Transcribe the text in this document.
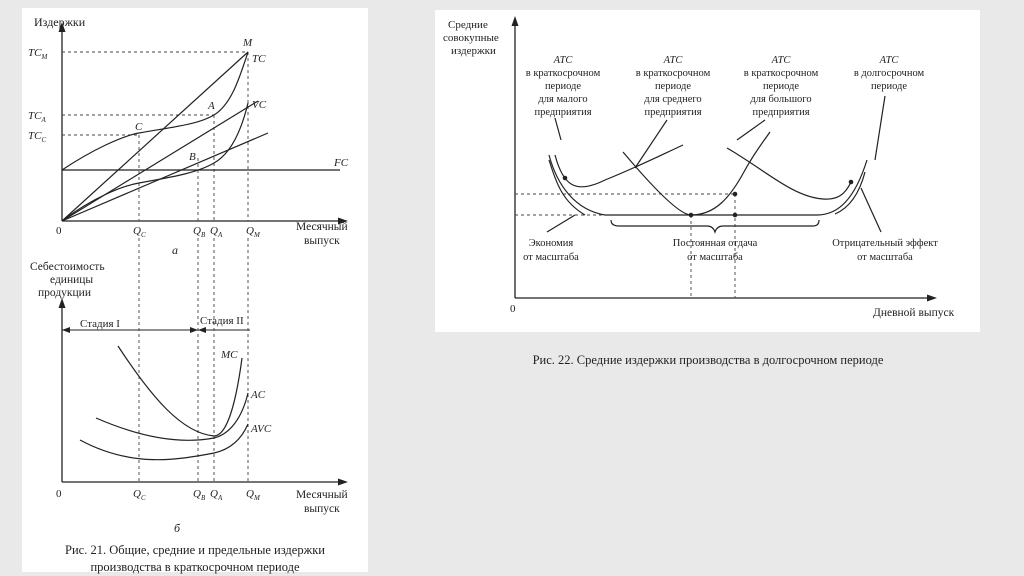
Издержки
Месячный
выпуск
0
а
$TC_M$
$TC_A$
$TC_C$
$Q_C$	$Q_B$ $Q_A$ $Q_M$
FC
TC
VC
M
A
B
C
Себестоимость
единицы
продукции
Месячный
выпуск
0
б
Стадия I	Стадия II
MC
AC
AVC
$Q_C$	$Q_B$ $Q_A$ $Q_M$
Рис. 21. Общие, средние и предельные издержки
производства в краткосрочном периоде
Средние
совокупные
издержки
0	Дневной выпуск
ATC
в краткосрочном
периоде
для малого
предприятия
ATC
в краткосрочном
периоде
для среднего
предприятия
ATC
в краткосрочном
периоде
для большого
предприятия
ATC
в долгосрочном
периоде
Экономия
от масштаба
Постоянная отдача
от масштаба
Отрицательный эффект
от масштаба
Рис. 22. Средние издержки производства в долгосрочном периоде
